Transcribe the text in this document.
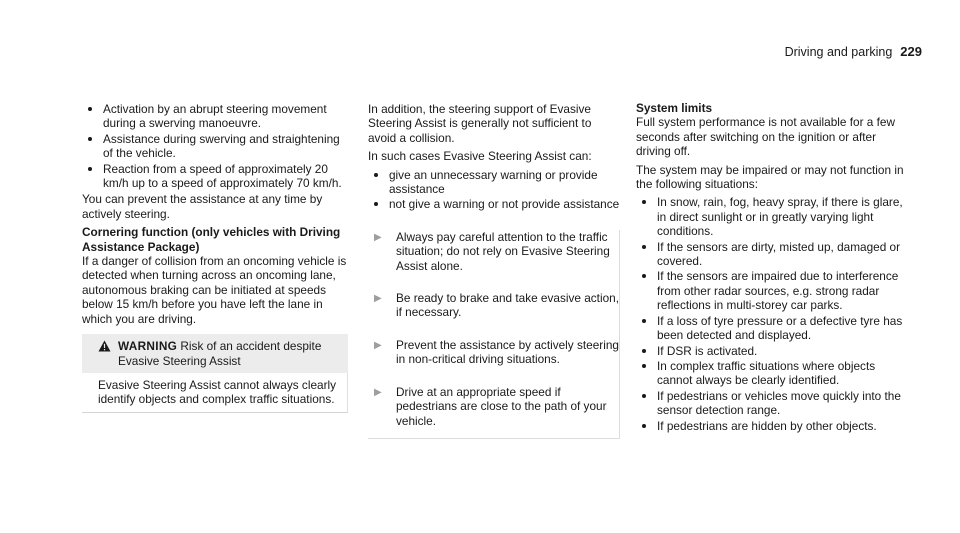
Driving and parking 229
Activation by an abrupt steering movement during a swerving manoeuvre.
Assistance during swerving and straightening of the vehicle.
Reaction from a speed of approximately 20 km/h up to a speed of approximately 70 km/h.

You can prevent the assistance at any time by actively steering.

Cornering function (only vehicles with Driving Assistance Package)

If a danger of collision from an oncoming vehicle is detected when turning across an oncoming lane, autonomous braking can be initiated at speeds below 15 km/h before you have left the lane in which you are driving.

WARNING Risk of an accident despite Evasive Steering Assist
Evasive Steering Assist cannot always clearly identify objects and complex traffic situations.

In addition, the steering support of Evasive Steering Assist is generally not sufficient to avoid a collision.

In such cases Evasive Steering Assist can:

give an unnecessary warning or provide assistance
not give a warning or not provide assistance
▶	Always pay careful attention to the traffic situation; do not rely on Evasive Steering Assist alone.
▶	Be ready to brake and take evasive action, if necessary.
▶	Prevent the assistance by actively steering in non-critical driving situations.
▶	Drive at an appropriate speed if pedestrians are close to the path of your vehicle.

System limits

Full system performance is not available for a few seconds after switching on the ignition or after driving off.

The system may be impaired or may not function in the following situations:

In snow, rain, fog, heavy spray, if there is glare, in direct sunlight or in greatly varying light conditions.
If the sensors are dirty, misted up, damaged or covered.
If the sensors are impaired due to interference from other radar sources, e.g. strong radar reflections in multi-storey car parks.
If a loss of tyre pressure or a defective tyre has been detected and displayed.
If DSR is activated.
In complex traffic situations where objects cannot always be clearly identified.
If pedestrians or vehicles move quickly into the sensor detection range.
If pedestrians are hidden by other objects.
